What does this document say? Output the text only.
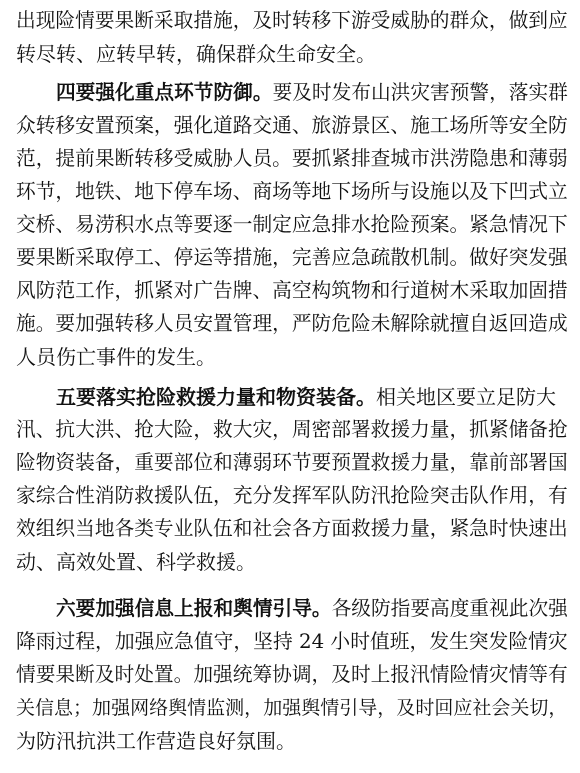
出现险情要果断采取措施，及时转移下游受威胁的群众，做到应
转尽转、应转早转，确保群众生命安全。
四要强化重点环节防御。要及时发布山洪灾害预警，落实群
众转移安置预案，强化道路交通、旅游景区、施工场所等安全防
范，提前果断转移受威胁人员。要抓紧排查城市洪涝隐患和薄弱
环节，地铁、地下停车场、商场等地下场所与设施以及下凹式立
交桥、易涝积水点等要逐一制定应急排水抢险预案。紧急情况下
要果断采取停工、停运等措施，完善应急疏散机制。做好突发强
风防范工作，抓紧对广告牌、高空构筑物和行道树木采取加固措
施。要加强转移人员安置管理，严防危险未解除就擅自返回造成
人员伤亡事件的发生。
五要落实抢险救援力量和物资装备。相关地区要立足防大
汛、抗大洪、抢大险，救大灾，周密部署救援力量，抓紧储备抢
险物资装备，重要部位和薄弱环节要预置救援力量，靠前部署国
家综合性消防救援队伍，充分发挥军队防汛抢险突击队作用，有
效组织当地各类专业队伍和社会各方面救援力量，紧急时快速出
动、高效处置、科学救援。
六要加强信息上报和舆情引导。各级防指要高度重视此次强
降雨过程，加强应急值守，坚持 24 小时值班，发生突发险情灾
情要果断及时处置。加强统筹协调，及时上报汛情险情灾情等有
关信息；加强网络舆情监测，加强舆情引导，及时回应社会关切，
为防汛抗洪工作营造良好氛围。
